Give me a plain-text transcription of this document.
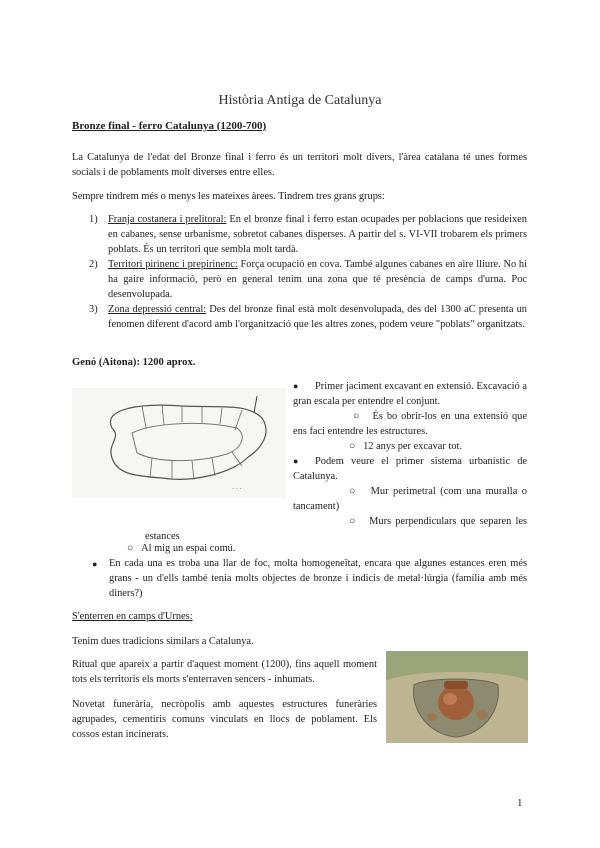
Història Antiga de Catalunya
Bronze final - ferro Catalunya (1200-700)
La Catalunya de l'edat del Bronze final i ferro és un territori molt divers, l'àrea catalana té unes formes socials i de poblaments molt diverses entre elles.
Sempre tindrem més o menys les mateixes àrees. Tindrem tres grans grups:
1) Franja costanera i prelitoral: En el bronze final i ferro estan ocupades per poblacions que resideixen en cabanes, sense urbanisme, sobretot cabanes disperses. A partir del s. VI-VII trobarem els primers poblats. És un territori que sembla molt tardà.
2) Territori pirinenc i prepirinenc: Força ocupació en cova. També algunes cabanes en aire lliure. No hi ha gaire informació, però en general tenim una zona que té presència de camps d'urna. Poc desenvolupada.
3) Zona depressió central: Des del bronze final està molt desenvolupada, des del 1300 aC presenta un fenomen diferent d'acord amb l'organització que les altres zones, podem veure "poblats" organitzats.
Genó (Aitona): 1200 aprox.
- - -
● Primer jaciment excavant en extensió. Excavació a gran escala per entendre el conjunt.
○   És bo obrir-los en una extensió que ens faci entendre les estructures.
○   12 anys per excavar tot.
● Podem veure el primer sistema urbanístic de Catalunya.
○   Mur perimetral (com una muralla o tancament)
○   Murs perpendiculars que separen les estances
○   Al mig un espai comú.
● En cada una es troba una llar de foc, molta homogeneïtat, encara que algunes estances eren més grans - un d'ells també tenia molts objectes de bronze i indicis de metal·lúrgia (família amb més diners?)
S'enterren en camps d'Urnes:
Tenim dues tradicions similars a Catalunya.
Ritual que apareix a partir d'aquest moment (1200), fins aquell moment tots els territoris els morts s'enterraven sencers - inhumats.
Novetat funerària, necròpolis amb aquestes estructures funeràries agrupades, cementiris comuns vinculats en llocs de poblament. Els cossos estan incinerats.
1
